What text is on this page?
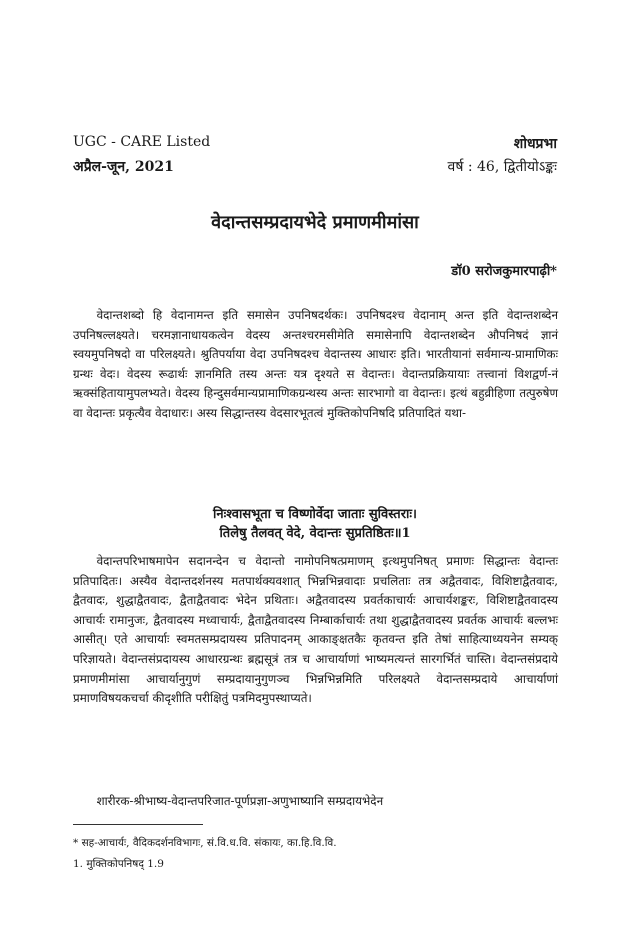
UGC - CARE Listed
अप्रैल-जून, 2021
शोधप्रभा
वर्ष : 46, द्वितीयोऽङ्कः
वेदान्तसम्प्रदायभेदे प्रमाणमीमांसा
डॉ0 सरोजकुमारपाढ़ी*

वेदान्तशब्दो हि वेदानामन्त इति समासेन उपनिषदर्थकः। उपनिषदश्च वेदानाम् अन्त इति वेदान्तशब्देन उपनिषल्लक्ष्यते। चरमज्ञानाधायकत्वेन वेदस्य अन्तश्चरमसीमेति समासेनापि वेदान्तशब्देन औपनिषदं ज्ञानं स्वयमुपनिषदो वा परिलक्ष्यते। श्रुतिपर्याया वेदा उपनिषदश्च वेदान्तस्य आधारः इति। भारतीयानां सर्वमान्य-प्रामाणिकः ग्रन्थः वेदः। वेदस्य रूढार्थः ज्ञानमिति तस्य अन्तः यत्र दृश्यते स वेदान्तः। वेदान्तप्रक्रियायाः तत्त्वानां विशद्वर्ण-नं ऋक्संहितायामुपलभ्यते। वेदस्य हिन्दुसर्वमान्यप्रामाणिकग्रन्थस्य अन्तः सारभागो वा वेदान्तः। इत्थं बहुव्रीहिणा तत्पुरुषेण वा वेदान्तः प्रकृत्यैव वेदाधारः। अस्य सिद्धान्तस्य वेदसारभूतत्वं मुक्तिकोपनिषदि प्रतिपादितं यथा-

निःश्वासभूता च विष्णोर्वेदा जाताः सुविस्तराः।
तिलेषु तैलवत् वेदे, वेदान्तः सुप्रतिष्ठितः॥1

वेदान्तपरिभाषमापेन सदानन्देन च वेदान्तो नामोपनिषत्प्रमाणम् इत्थमुपनिषत् प्रमाणः सिद्धान्तः वेदान्तः प्रतिपादितः। अस्यैव वेदान्तदर्शनस्य मतपार्थक्यवशात् भिन्नभिन्नवादाः प्रचलिताः तत्र अद्वैतवादः, विशिष्टाद्वैतवादः, द्वैतवादः, शुद्धाद्वैतवादः, द्वैताद्वैतवादः भेदेन प्रथिताः। अद्वैतवादस्य प्रवर्तकाचार्यः आचार्यशङ्करः, विशिष्टाद्वैतवादस्य आचार्यः रामानुजः, द्वैतवादस्य मध्वाचार्यः, द्वैताद्वैतवादस्य निम्बार्काचार्यः तथा शुद्धाद्वैतवादस्य प्रवर्तक आचार्यः बल्लभः आसीत्। एते आचार्याः स्वमतसम्प्रदायस्य प्रतिपादनम् आकाङ्क्षतकैः कृतवन्त इति तेषां साहित्याध्ययनेन सम्यक् परिज्ञायते। वेदान्तसंप्रदायस्य आधारग्रन्थः ब्रह्मसूत्रं तत्र च आचार्याणां भाष्यमत्यन्तं सारगर्भितं चास्ति। वेदान्तसंप्रदाये प्रमाणमीमांसा आचार्यानुगुणं सम्प्रदायानुगुणञ्च भिन्नभिन्नमिति परिलक्ष्यते वेदान्तसम्प्रदाये आचार्याणां प्रमाणविषयकचर्चा कीदृशीति परीक्षितुं पत्रमिदमुपस्थाप्यते।

शारीरक-श्रीभाष्य-वेदान्तपरिजात-पूर्णप्रज्ञा-अणुभाष्यानि सम्प्रदायभेदेन

* सह-आचार्यः, वैदिकदर्शनविभागः, सं.वि.ध.वि. संकायः, का.हि.वि.वि.
1. मुक्तिकोपनिषद् 1.9
